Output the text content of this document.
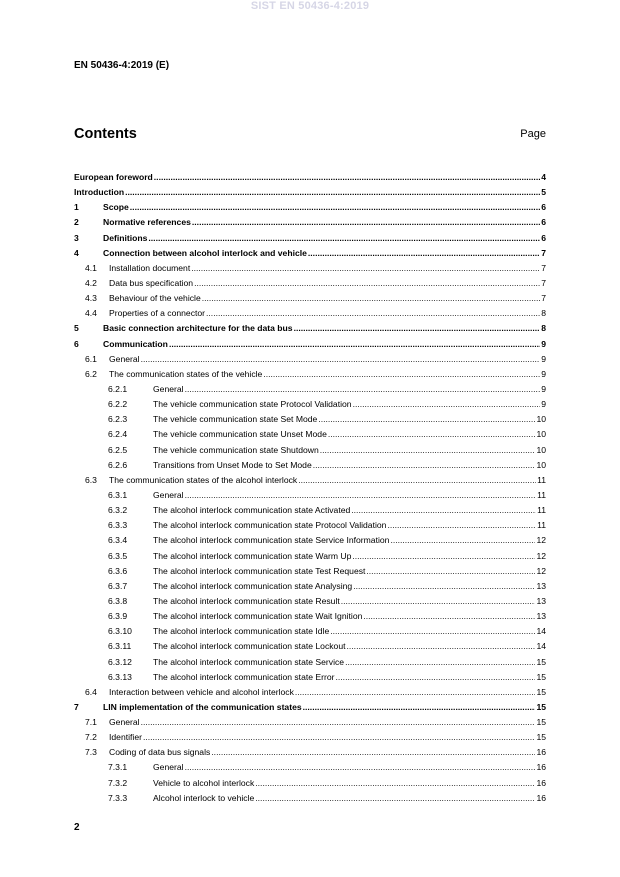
SIST EN 50436-4:2019
EN 50436-4:2019 (E)
Contents	Page
European foreword .....	4
Introduction .....	5
1	Scope .....	6
2	Normative references .....	6
3	Definitions .....	6
4	Connection between alcohol interlock and vehicle .....	7
4.1	Installation document .....	7
4.2	Data bus specification .....	7
4.3	Behaviour of the vehicle .....	7
4.4	Properties of a connector .....	8
5	Basic connection architecture for the data bus .....	8
6	Communication .....	9
6.1	General .....	9
6.2	The communication states of the vehicle .....	9
6.2.1	General .....	9
6.2.2	The vehicle communication state Protocol Validation .....	9
6.2.3	The vehicle communication state Set Mode .....	10
6.2.4	The vehicle communication state Unset Mode .....	10
6.2.5	The vehicle communication state Shutdown .....	10
6.2.6	Transitions from Unset Mode to Set Mode .....	10
6.3	The communication states of the alcohol interlock .....	11
6.3.1	General .....	11
6.3.2	The alcohol interlock communication state Activated .....	11
6.3.3	The alcohol interlock communication state Protocol Validation .....	11
6.3.4	The alcohol interlock communication state Service Information .....	12
6.3.5	The alcohol interlock communication state Warm Up .....	12
6.3.6	The alcohol interlock communication state Test Request .....	12
6.3.7	The alcohol interlock communication state Analysing .....	13
6.3.8	The alcohol interlock communication state Result .....	13
6.3.9	The alcohol interlock communication state Wait Ignition .....	13
6.3.10	The alcohol interlock communication state Idle .....	14
6.3.11	The alcohol interlock communication state Lockout .....	14
6.3.12	The alcohol interlock communication state Service .....	15
6.3.13	The alcohol interlock communication state Error .....	15
6.4	Interaction between vehicle and alcohol interlock .....	15
7	LIN implementation of the communication states .....	15
7.1	General .....	15
7.2	Identifier .....	15
7.3	Coding of data bus signals .....	16
7.3.1	General .....	16
7.3.2	Vehicle to alcohol interlock .....	16
7.3.3	Alcohol interlock to vehicle .....	16
2
